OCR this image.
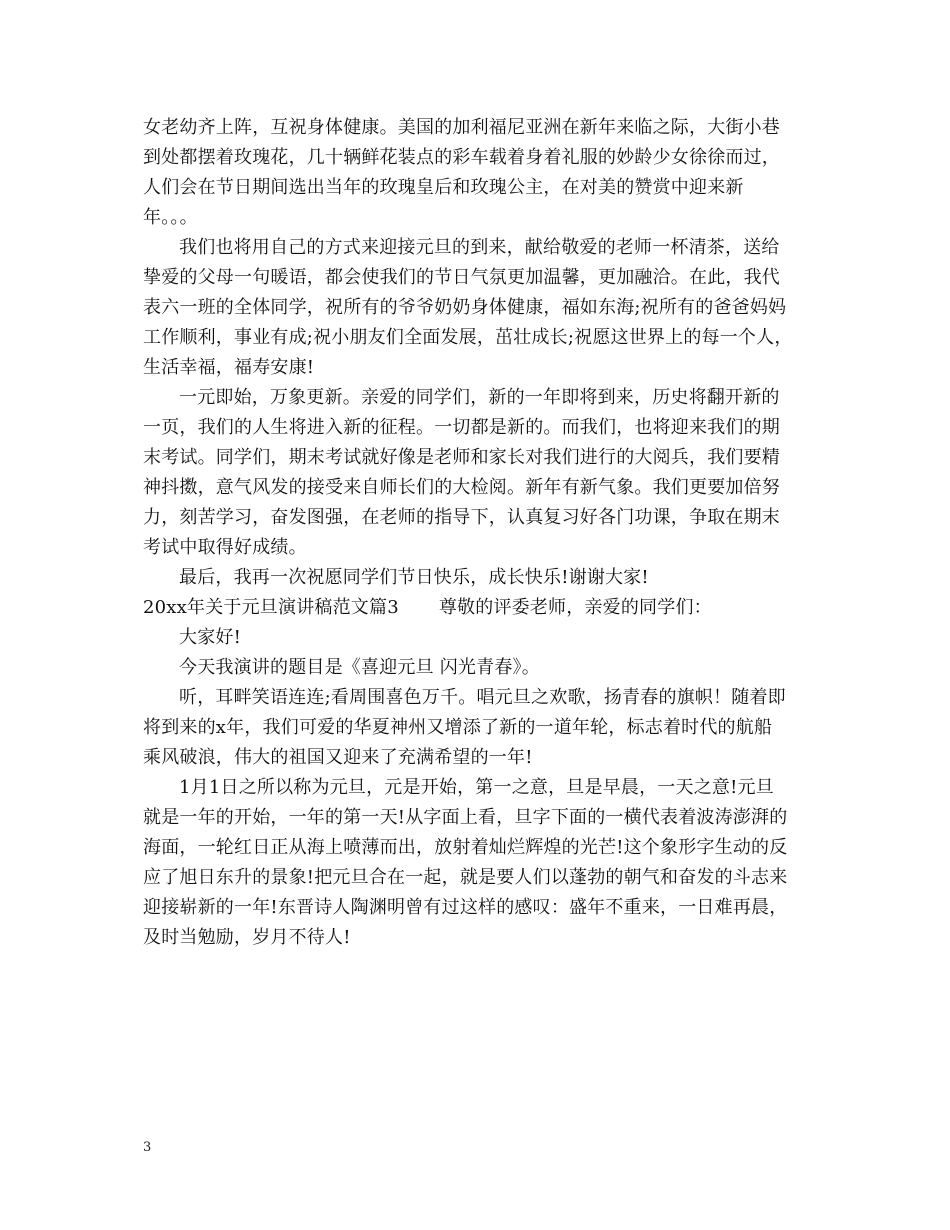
女老幼齐上阵，互祝身体健康。美国的加利福尼亚洲在新年来临之际，大街小巷
到处都摆着玫瑰花，几十辆鲜花装点的彩车载着身着礼服的妙龄少女徐徐而过，
人们会在节日期间选出当年的玫瑰皇后和玫瑰公主，在对美的赞赏中迎来新
年。。。

我们也将用自己的方式来迎接元旦的到来，献给敬爱的老师一杯清茶，送给
挚爱的父母一句暖语，都会使我们的节日气氛更加温馨，更加融洽。在此，我代
表六一班的全体同学，祝所有的爷爷奶奶身体健康，福如东海;祝所有的爸爸妈妈
工作顺利，事业有成;祝小朋友们全面发展，茁壮成长;祝愿这世界上的每一个人，
生活幸福，福寿安康!

一元即始，万象更新。亲爱的同学们，新的一年即将到来，历史将翻开新的
一页，我们的人生将进入新的征程。一切都是新的。而我们，也将迎来我们的期
末考试。同学们，期末考试就好像是老师和家长对我们进行的大阅兵，我们要精
神抖擞，意气风发的接受来自师长们的大检阅。新年有新气象。我们更要加倍努
力，刻苦学习，奋发图强，在老师的指导下，认真复习好各门功课，争取在期末
考试中取得好成绩。

最后，我再一次祝愿同学们节日快乐，成长快乐!谢谢大家!

20xx年关于元旦演讲稿范文篇3 尊敬的评委老师，亲爱的同学们：

大家好!

今天我演讲的题目是《喜迎元旦 闪光青春》。

听，耳畔笑语连连;看周围喜色万千。唱元旦之欢歌，扬青春的旗帜！随着即
将到来的x年，我们可爱的华夏神州又增添了新的一道年轮，标志着时代的航船
乘风破浪，伟大的祖国又迎来了充满希望的一年!

1月1日之所以称为元旦，元是开始，第一之意，旦是早晨，一天之意!元旦
就是一年的开始，一年的第一天!从字面上看，旦字下面的一横代表着波涛澎湃的
海面，一轮红日正从海上喷薄而出，放射着灿烂辉煌的光芒!这个象形字生动的反
应了旭日东升的景象!把元旦合在一起，就是要人们以蓬勃的朝气和奋发的斗志来
迎接崭新的一年!东晋诗人陶渊明曾有过这样的感叹：盛年不重来，一日难再晨，
及时当勉励，岁月不待人!

3
